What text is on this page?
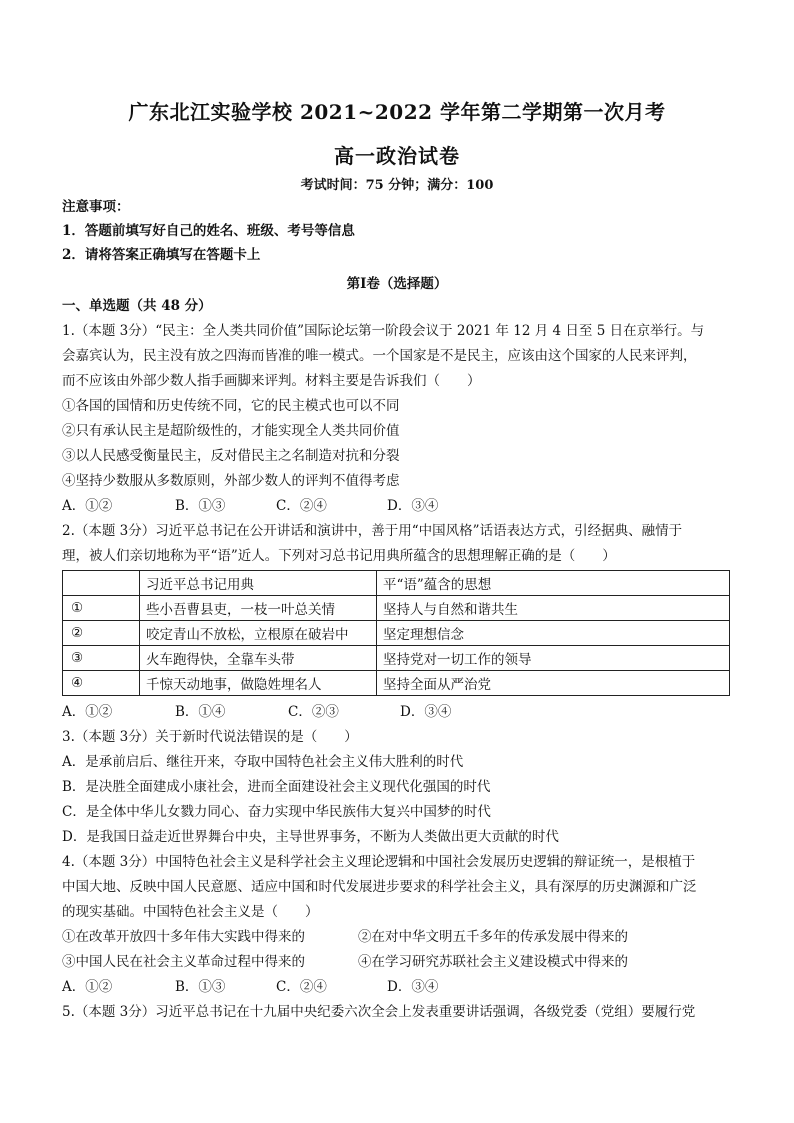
广东北江实验学校 2021~2022 学年第二学期第一次月考
高一政治试卷
考试时间：75 分钟；满分：100
注意事项：
1．答题前填写好自己的姓名、班级、考号等信息
2．请将答案正确填写在答题卡上
第Ⅰ卷（选择题）
一、单选题（共 48 分）
1.（本题 3分）“民主：全人类共同价值”国际论坛第一阶段会议于 2021 年 12 月 4 日至 5 日在京举行。与
会嘉宾认为，民主没有放之四海而皆准的唯一模式。一个国家是不是民主，应该由这个国家的人民来评判，
而不应该由外部少数人指手画脚来评判。材料主要是告诉我们（　　）
①各国的国情和历史传统不同，它的民主模式也可以不同
②只有承认民主是超阶级性的，才能实现全人类共同价值
③以人民感受衡量民主，反对借民主之名制造对抗和分裂
④坚持少数服从多数原则，外部少数人的评判不值得考虑
A．①②	B．①③	C．②④	D．③④
2.（本题 3分）习近平总书记在公开讲话和演讲中，善于用“中国风格”话语表达方式，引经据典、融情于
理，被人们亲切地称为平“语”近人。下列对习总书记用典所蕴含的思想理解正确的是（　　）
	习近平总书记用典	平“语”蕴含的思想
①	些小吾曹县吏，一枝一叶总关情	坚持人与自然和谐共生
②	咬定青山不放松，立根原在破岩中	坚定理想信念
③	火车跑得快，全靠车头带	坚持党对一切工作的领导
④	千惊天动地事，做隐姓埋名人	坚持全面从严治党
A．①②	B．①④	C．②③	D．③④
3.（本题 3分）关于新时代说法错误的是（　　）
A．是承前启后、继往开来，夺取中国特色社会主义伟大胜利的时代
B．是决胜全面建成小康社会，进而全面建设社会主义现代化强国的时代
C．是全体中华儿女戮力同心、奋力实现中华民族伟大复兴中国梦的时代
D．是我国日益走近世界舞台中央，主导世界事务，不断为人类做出更大贡献的时代
4.（本题 3分）中国特色社会主义是科学社会主义理论逻辑和中国社会发展历史逻辑的辩证统一，是根植于
中国大地、反映中国人民意愿、适应中国和时代发展进步要求的科学社会主义，具有深厚的历史渊源和广泛
的现实基础。中国特色社会主义是（　　）
①在改革开放四十多年伟大实践中得来的	②在对中华文明五千多年的传承发展中得来的
③中国人民在社会主义革命过程中得来的	④在学习研究苏联社会主义建设模式中得来的
A．①②	B．①③	C．②④	D．③④
5.（本题 3分）习近平总书记在十九届中央纪委六次全会上发表重要讲话强调，各级党委（党组）要履行党
